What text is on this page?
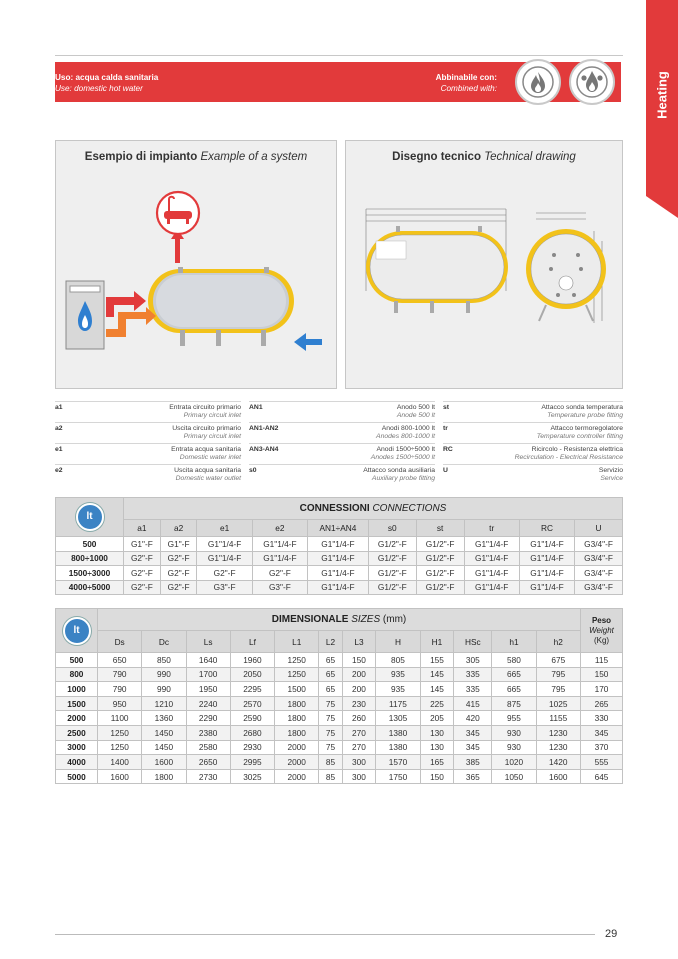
Heating
Uso: acqua calda sanitaria
Use: domestic hot water
Abbinabile con:
Combined with:
Esempio di impianto Example of a system	Disegno tecnico Technical drawing
a1	Entrata circuito primario
Primary circuit inlet
a2	Uscita circuito primario
Primary circuit inlet
e1	Entrata acqua sanitaria
Domestic water inlet
e2	Uscita acqua sanitaria
Domestic water outlet
AN1	Anodo 500 lt
Anode 500 lt
AN1-AN2	Anodi 800-1000 lt
Anodes 800-1000 lt
AN3-AN4	Anodi 1500÷5000 lt
Anodes 1500÷5000 lt
s0	Attacco sonda ausiliaria
Auxiliary probe fitting
st	Attacco sonda temperatura
Temperature probe fitting
tr	Attacco termoregolatore
Temperature controller fitting
RC	Ricircolo - Resistenza elettrica
Recirculation - Electrical Resistance
U	Servizio
Service
lt	CONNESSIONI CONNECTIONS									
	a1	a2	e1	e2	AN1÷AN4	s0	st	tr	RC	U
500	G1"-F	G1"-F	G1"1/4-F	G1"1/4-F	G1"1/4-F	G1/2"-F	G1/2"-F	G1"1/4-F	G1"1/4-F	G3/4"-F
800÷1000	G2"-F	G2"-F	G1"1/4-F	G1"1/4-F	G1"1/4-F	G1/2"-F	G1/2"-F	G1"1/4-F	G1"1/4-F	G3/4"-F
1500÷3000	G2"-F	G2"-F	G2"-F	G2"-F	G1"1/4-F	G1/2"-F	G1/2"-F	G1"1/4-F	G1"1/4-F	G3/4"-F
4000÷5000	G2"-F	G2"-F	G3"-F	G3"-F	G1"1/4-F	G1/2"-F	G1/2"-F	G1"1/4-F	G1"1/4-F	G3/4"-F
lt	DIMENSIONALE SIZES (mm)												Peso
Weight
(Kg)
	Ds	Dc	Ls	Lf	L1	L2	L3	H	H1	HSc	h1	h2	
500	650	850	1640	1960	1250	65	150	805	155	305	580	675	115
800	790	990	1700	2050	1250	65	200	935	145	335	665	795	150
1000	790	990	1950	2295	1500	65	200	935	145	335	665	795	170
1500	950	1210	2240	2570	1800	75	230	1175	225	415	875	1025	265
2000	1100	1360	2290	2590	1800	75	260	1305	205	420	955	1155	330
2500	1250	1450	2380	2680	1800	75	270	1380	130	345	930	1230	345
3000	1250	1450	2580	2930	2000	75	270	1380	130	345	930	1230	370
4000	1400	1600	2650	2995	2000	85	300	1570	165	385	1020	1420	555
5000	1600	1800	2730	3025	2000	85	300	1750	150	365	1050	1600	645
29
